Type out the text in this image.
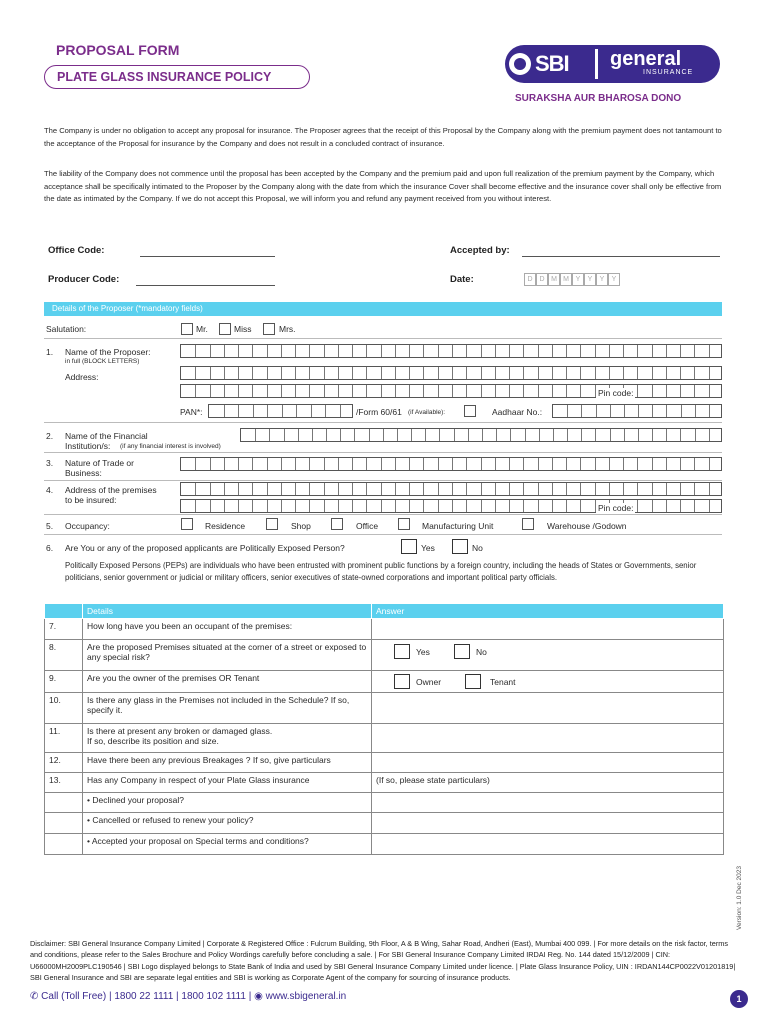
PROPOSAL FORM
PLATE GLASS INSURANCE POLICY
SBI	general
INSURANCE
SURAKSHA AUR BHAROSA DONO
The Company is under no obligation to accept any proposal for insurance. The Proposer agrees that the receipt of this Proposal by the Company along with the premium payment does not tantamount to the acceptance of the Proposal for insurance by the Company and does not result in a concluded contract of insurance.
The liability of the Company does not commence until the proposal has been accepted by the Company and the premium paid and upon full realization of the premium payment by the Company, which acceptance shall be specifically intimated to the Proposer by the Company along with the date from which the insurance Cover shall become effective and the insurance cover shall only be effective from the date as intimated by the Company. If we do not accept this Proposal, we will inform you and refund any payment received from you without interest.
Office Code:	Accepted by:
Producer Code:	Date:	D D M M Y	Y	Y	Y
Details of the Proposer (*mandatory fields)
Salutation:	Mr.	Miss	Mrs.
1. Name of the Proposer:
in full (BLOCK LETTERS)
Address:
Pin code:
PAN*:	/Form 60/61 (if Available):	Aadhaar No.:
2. Name of the Financial
Institution/s: (if any financial interest is involved)
3. Nature of Trade or
Business:
4. Address of the premises
to be insured:
Pin code:
5. Occupancy:	Residence	Shop	Office	Manufacturing Unit	Warehouse /Godown
6. Are You or any of the proposed applicants are Politically Exposed Person?	Yes	No
Politically Exposed Persons (PEPs) are individuals who have been entrusted with prominent public functions by a foreign country, including the heads of States or Governments, senior politicians, senior government or judicial or military officers, senior executives of state-owned corporations and important political party officials.
	Details	Answer
7.	How long have you been an occupant of the premises:	
8.	Are the proposed Premises situated at the corner of a street or exposed to any special risk?	Yes No

9.	Are you the owner of the premises OR Tenant	Owner Tenant

10.	Is there any glass in the Premises not included in the Schedule? If so, specify it.	
11.	Is there at present any broken or damaged glass.
If so, describe its position and size.	

12.	Have there been any previous Breakages ? If so, give particulars	
13.	Has any Company in respect of your Plate Glass insurance	(If so, please state particulars)
	• Declined your proposal?	
	• Cancelled or refused to renew your policy?	
	• Accepted your proposal on Special terms and conditions?	
Version: 1.0 Dec 2023
Disclaimer: SBI General Insurance Company Limited | Corporate & Registered Office : Fulcrum Building, 9th Floor, A & B Wing, Sahar Road, Andheri (East), Mumbai 400 099. | For more details on the risk factor, terms and conditions, please refer to the Sales Brochure and Policy Wordings carefully before concluding a sale. | For SBI General Insurance Company Limited IRDAI Reg. No. 144 dated 15/12/2009 | CIN: U66000MH2009PLC190546 | SBI Logo displayed belongs to State Bank of India and used by SBI General Insurance Company Limited under licence. | Plate Glass Insurance Policy, UIN : IRDAN144CP0022V01201819| SBI General Insurance and SBI are separate legal entities and SBI is working as Corporate Agent of the company for sourcing of insurance products.
✆ Call (Toll Free) | 1800 22 1111 | 1800 102 1111 | ◉ www.sbigeneral.in	1
